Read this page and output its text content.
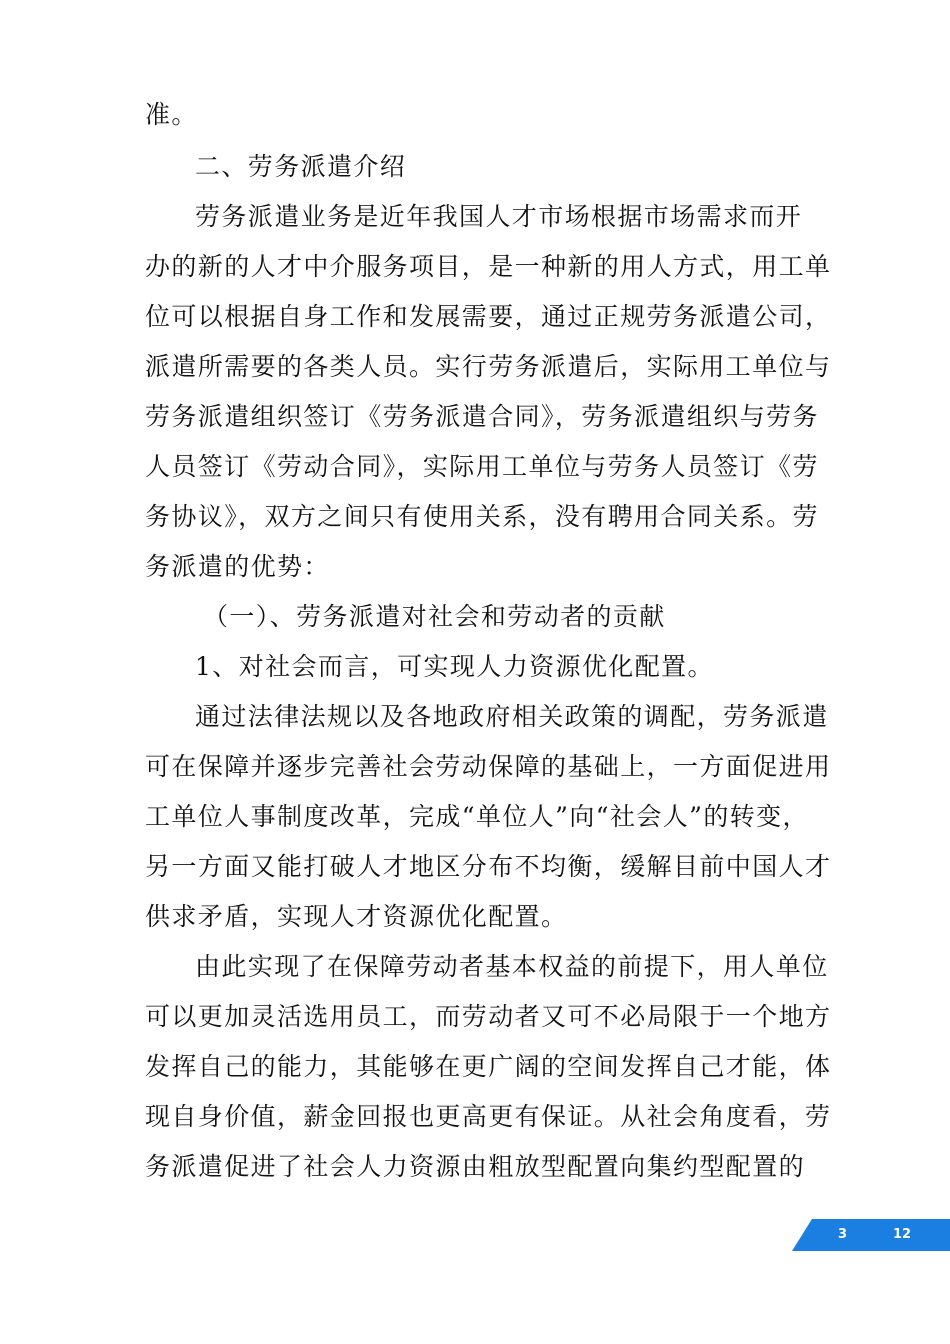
准。

二、劳务派遣介绍

劳务派遣业务是近年我国人才市场根据市场需求而开

办的新的人才中介服务项目，是一种新的用人方式，用工单

位可以根据自身工作和发展需要，通过正规劳务派遣公司，

派遣所需要的各类人员。实行劳务派遣后，实际用工单位与

劳务派遣组织签订《劳务派遣合同》，劳务派遣组织与劳务

人员签订《劳动合同》，实际用工单位与劳务人员签订《劳

务协议》，双方之间只有使用关系，没有聘用合同关系。劳

务派遣的优势：

（一）、劳务派遣对社会和劳动者的贡献

1、对社会而言，可实现人力资源优化配置。

通过法律法规以及各地政府相关政策的调配，劳务派遣

可在保障并逐步完善社会劳动保障的基础上，一方面促进用

工单位人事制度改革，完成“单位人”向“社会人”的转变，

另一方面又能打破人才地区分布不均衡，缓解目前中国人才

供求矛盾，实现人才资源优化配置。

由此实现了在保障劳动者基本权益的前提下，用人单位

可以更加灵活选用员工，而劳动者又可不必局限于一个地方

发挥自己的能力，其能够在更广阔的空间发挥自己才能，体

现自身价值，薪金回报也更高更有保证。从社会角度看，劳

务派遣促进了社会人力资源由粗放型配置向集约型配置的

3	12
